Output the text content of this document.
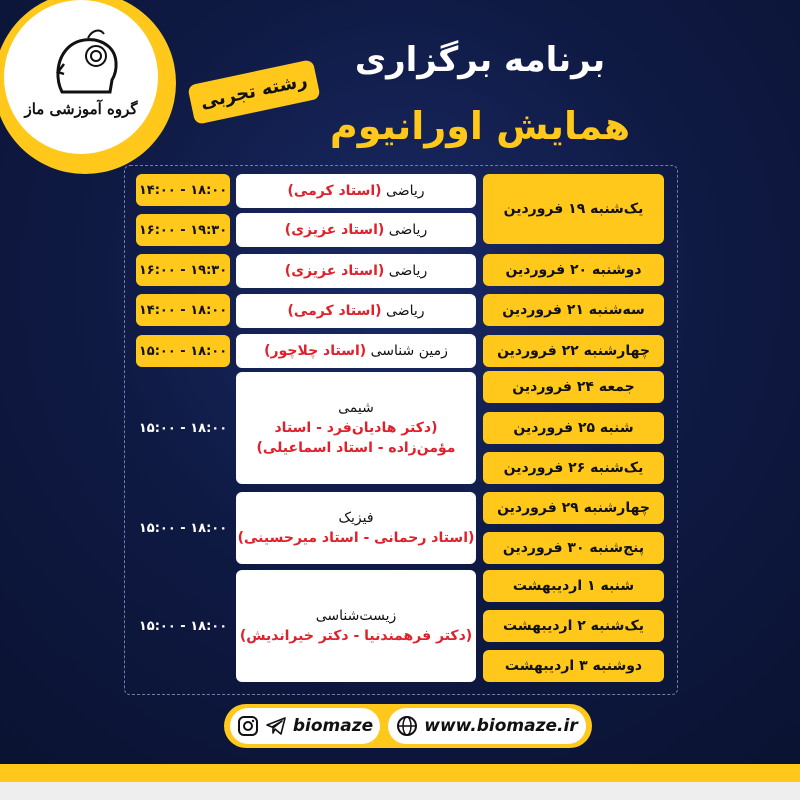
گروه آموزشی ماز
برنامه برگزاری
همایش اورانیوم
رشته تجربی
یک‌شنبه ۱۹ فروردین
دوشنبه ۲۰ فروردین
سه‌شنبه ۲۱ فروردین
چهارشنبه ۲۲ فروردین
جمعه ۲۴ فروردین
شنبه ۲۵ فروردین
یک‌شنبه ۲۶ فروردین
چهارشنبه ۲۹ فروردین
پنج‌شنبه ۳۰ فروردین
شنبه ۱ اردیبهشت
یک‌شنبه ۲ اردیبهشت
دوشنبه ۳ اردیبهشت
ریاضی (استاد کرمی)
ریاضی (استاد عزیزی)
ریاضی (استاد عزیزی)
ریاضی (استاد کرمی)
زمین شناسی (استاد چلاچور)
شیمی
(دکتر هادیان‌فرد - استاد مؤمن‌زاده - استاد اسماعیلی)
فیزیک
(استاد رحمانی - استاد میرحسینی)
زیست‌شناسی
(دکتر فرهمندنیا - دکتر خیراندیش)
۱۴:۰۰ - ۱۸:۰۰
۱۶:۰۰ - ۱۹:۳۰
۱۶:۰۰ - ۱۹:۳۰
۱۴:۰۰ - ۱۸:۰۰
۱۵:۰۰ - ۱۸:۰۰
۱۵:۰۰ - ۱۸:۰۰
۱۵:۰۰ - ۱۸:۰۰
۱۵:۰۰ - ۱۸:۰۰
biomaze	www.biomaze.ir
